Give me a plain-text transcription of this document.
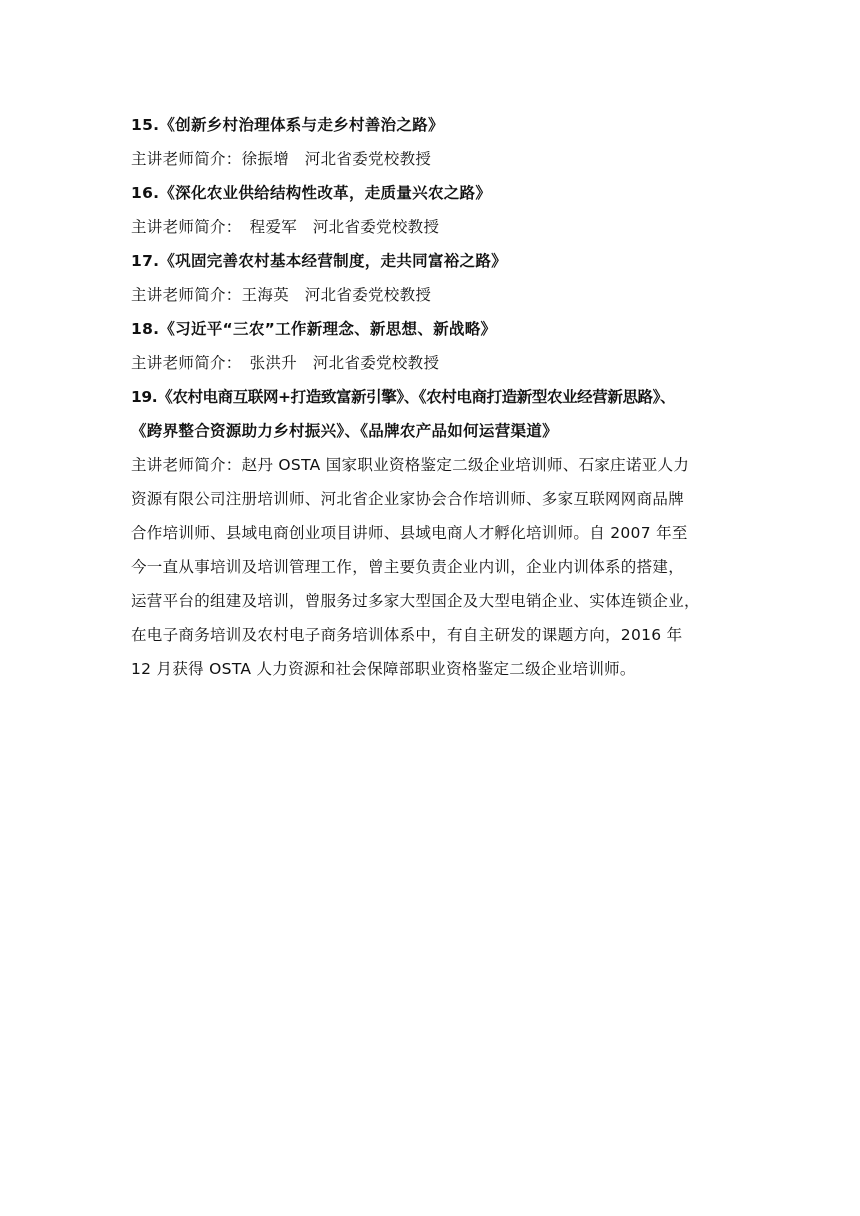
15.《创新乡村治理体系与走乡村善治之路》
主讲老师简介：徐振增　河北省委党校教授
16.《深化农业供给结构性改革，走质量兴农之路》
主讲老师简介：　程爱军　河北省委党校教授
17.《巩固完善农村基本经营制度，走共同富裕之路》
主讲老师简介：王海英　河北省委党校教授
18.《习近平“三农”工作新理念、新思想、新战略》
主讲老师简介：　张洪升　河北省委党校教授
19.《农村电商互联网+打造致富新引擎》、《农村电商打造新型农业经营新思路》、
《跨界整合资源助力乡村振兴》、《品牌农产品如何运营渠道》
主讲老师简介：赵丹 OSTA 国家职业资格鉴定二级企业培训师、石家庄诺亚人力
资源有限公司注册培训师、河北省企业家协会合作培训师、多家互联网网商品牌
合作培训师、县域电商创业项目讲师、县域电商人才孵化培训师。自 2007 年至
今一直从事培训及培训管理工作，曾主要负责企业内训，企业内训体系的搭建，
运营平台的组建及培训，曾服务过多家大型国企及大型电销企业、实体连锁企业，
在电子商务培训及农村电子商务培训体系中，有自主研发的课题方向，2016 年
12 月获得 OSTA 人力资源和社会保障部职业资格鉴定二级企业培训师。
